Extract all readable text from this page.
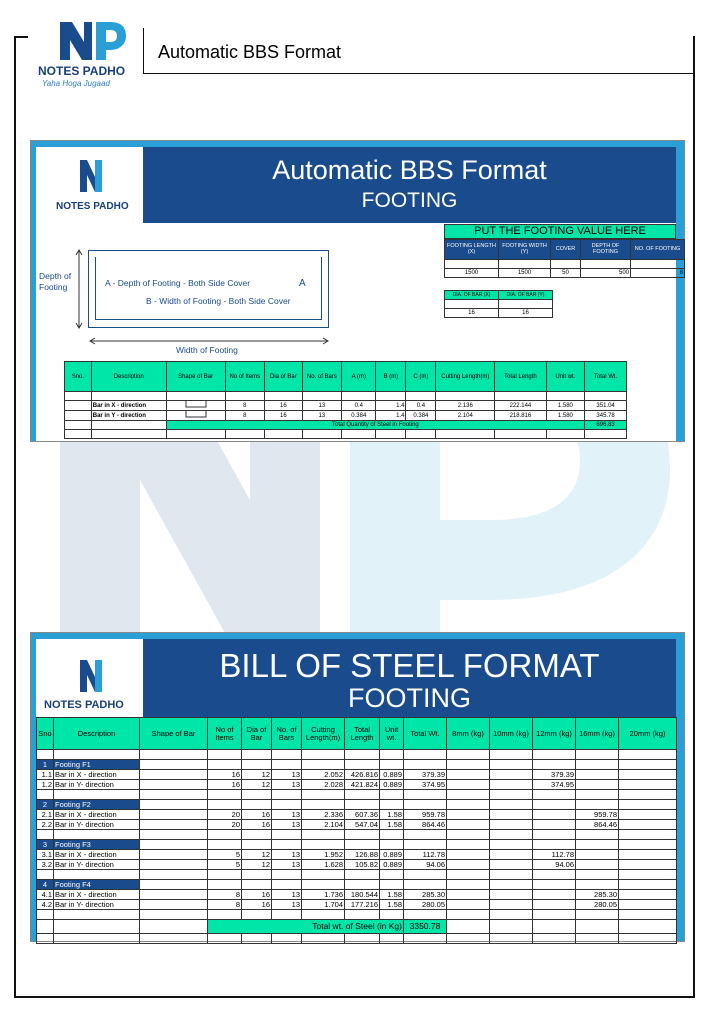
Automatic BBS Format
NOTES PADHO
Yaha Hoga Jugaad
NOTES PADHO
Automatic BBS Format
FOOTING
Depth of Footing	A - Depth of Footing - Both Side Cover	A
B - Width of Footing - Both Side Cover
Width of Footing
PUT THE FOOTING VALUE HERE
FOOTING LENGTH (X)	FOOTING WIDTH (Y)	COVER	DEPTH OF FOOTING	NO. OF FOOTING

1500	1500	50	500	8
DIA. OF BAR (X)	DIA. OF BAR (Y)

16	16
Sno.	Description	Shape of Bar	No of Items	Dia of Bar	No. of Bars	A (m)	B (m)	C (m)	Cutting Length(m)	Total Length	Unit wt.	Total Wt.

	Bar in X - direction		8	16	13	0.4	1.4	0.4	2.136	222.144	1.580	351.04
	Bar in Y - direction		8	16	13	0.384	1.4	0.384	2.104	218.816	1.580	345.78
		Total Quantity of Steel in Footing										696.83

NOTES PADHO
BILL OF STEEL FORMAT
FOOTING
Sno	Description	Shape of Bar	No of Items	Dia of Bar	No. of Bars	Cutting Length(m)	Total Length	Unit wt.	Total Wt.	8mm (kg)	10mm (kg)	12mm (kg)	16mm (kg)	20mm (kg)

1	Footing F1													
1.1	Bar in X - direction		16	12	13	2.052	426.816	0.889	379.39			379.39		
1.2	Bar in Y- direction		16	12	13	2.028	421.824	0.889	374.95			374.95		

2	Footing F2													
2.1	Bar in X - direction		20	16	13	2.336	607.36	1.58	959.78				959.78	
2.2	Bar in Y- direction		20	16	13	2.104	547.04	1.58	864.46				864.46	

3	Footing F3													
3.1	Bar in X - direction		5	12	13	1.952	126.88	0.889	112.78			112.78		
3.2	Bar in Y- direction		5	12	13	1.628	105.82	0.889	94.06			94.06		

4	Footing F4													
4.1	Bar in X - direction		8	16	13	1.736	180.544	1.58	285.30				285.30	
4.2	Bar in Y- direction		8	16	13	1.704	177.216	1.58	280.05				280.05	

			Total wt. of Steel (in Kg)						3350.78					
